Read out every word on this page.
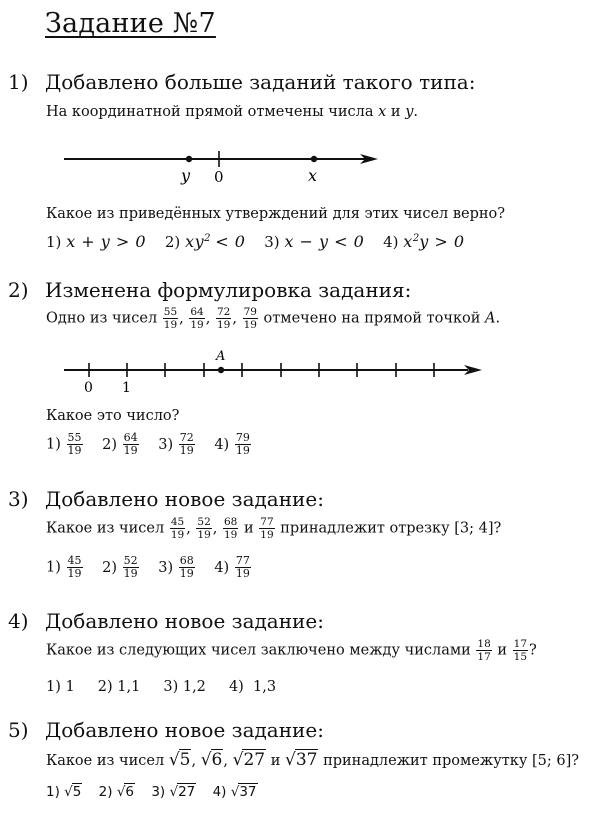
Задание №7
1) Добавлено больше заданий такого типа:
На координатной прямой отмечены числа x и y.
y 0	x
Какое из приведённых утверждений для этих чисел верно?
1) x + y > 0 2) $xy^2 < 0$ 3) x − y < 0 4) $x^2y > 0$
2) Изменена формулировка задания:
Одно из чисел $\frac{55}{19}$ , $\frac{64}{19}$ , $\frac{72}{19}$ , $\frac{79}{19}$ отмечено на прямой точкой A.
A
0 1
Какое это число?
$1) \frac{55}{19} 2) \frac{64}{19} 3) \frac{72}{19} 4) \frac{79}{19}$
3) Добавлено новое задание:
Какое из чисел $\frac{45}{19}$ , $\frac{52}{19}$ , $\frac{68}{19}$ и $\frac{77}{19}$ принадлежит отрезку [3; 4]?
$1) \frac{45}{19} 2) \frac{52}{19} 3) \frac{68}{19} 4) \frac{77}{19}$
4) Добавлено новое задание:
Какое из следующих чисел заключено между числами $\frac{18}{17}$ и $\frac{17}{15}$ ?
1) 1     2) 1,1     3) 1,2     4)  1,3
5) Добавлено новое задание:
Какое из чисел √5, √6, √27 и √37 принадлежит промежутку [5; 6]?
1) √5 2) √6 3) √27 4) √37
